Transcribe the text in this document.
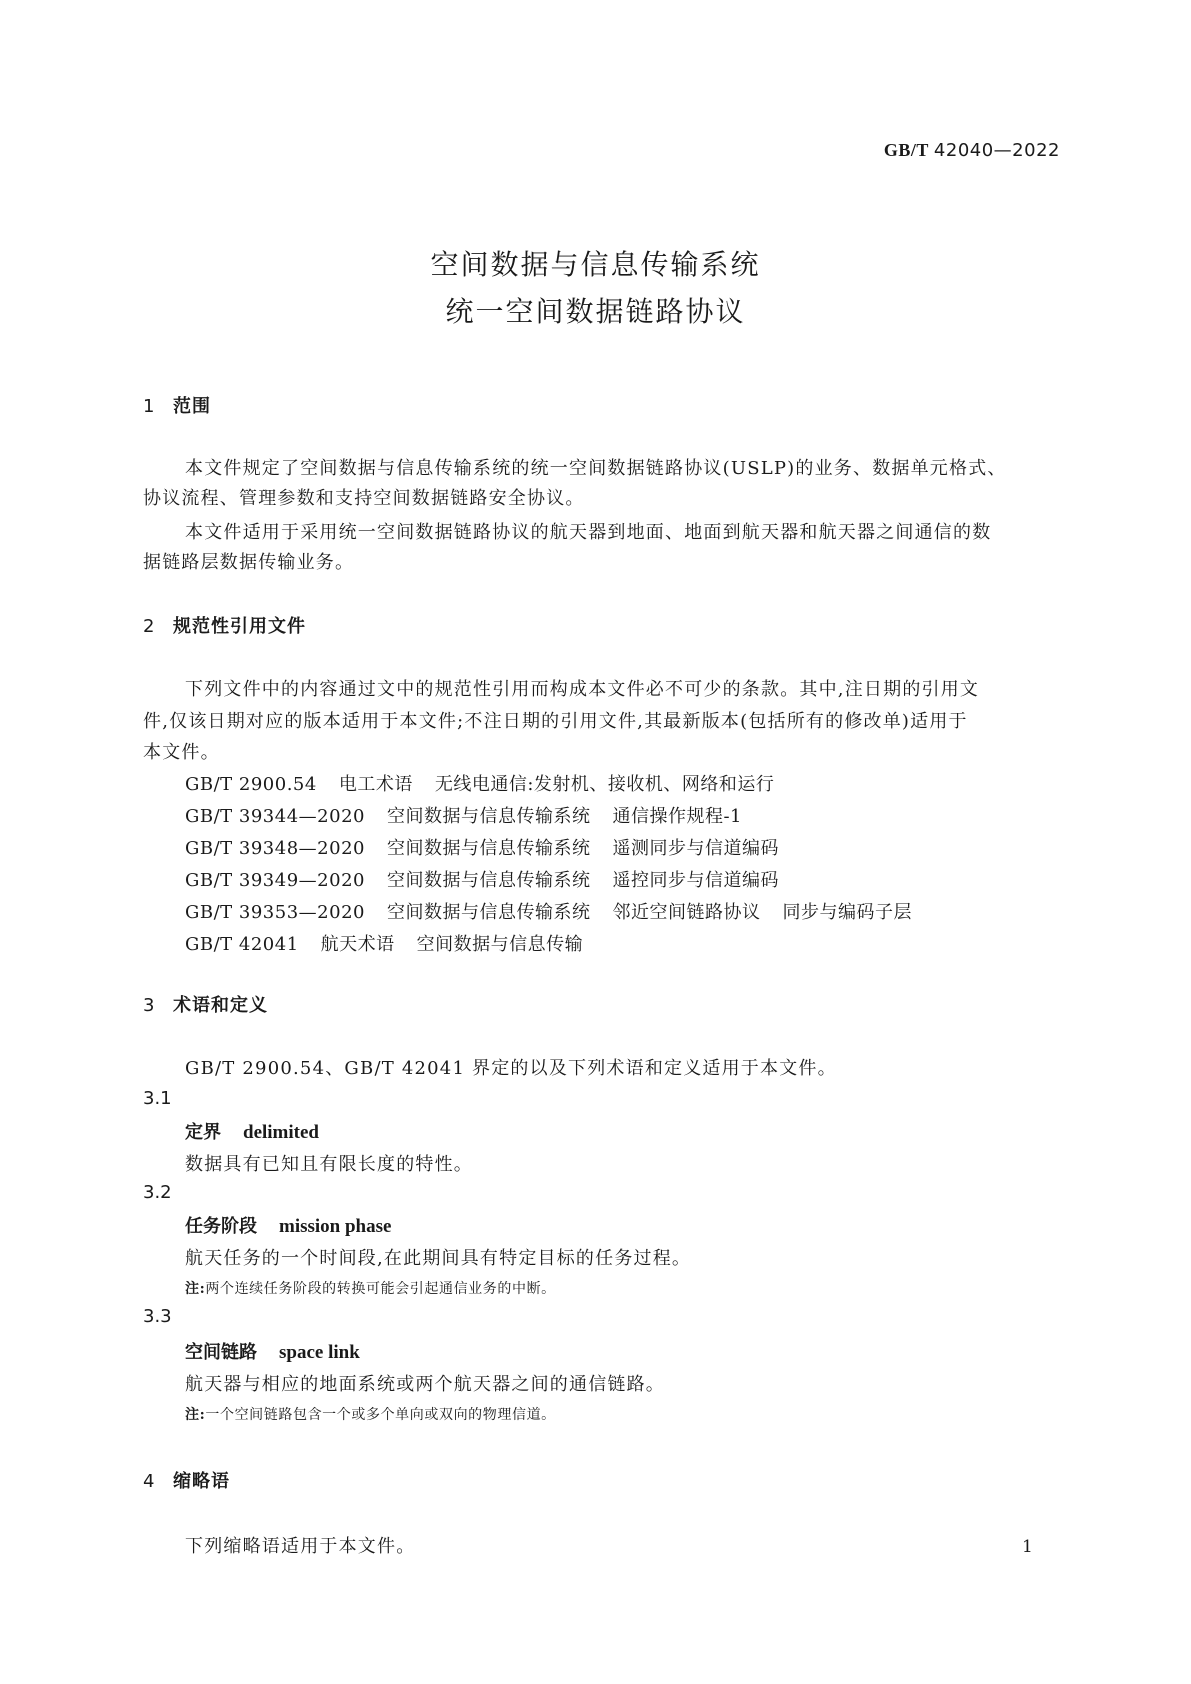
GB/T 42040—2022
空间数据与信息传输系统
统一空间数据链路协议
1 范围
本文件规定了空间数据与信息传输系统的统一空间数据链路协议(USLP)的业务、数据单元格式、
协议流程、管理参数和支持空间数据链路安全协议。
本文件适用于采用统一空间数据链路协议的航天器到地面、地面到航天器和航天器之间通信的数
据链路层数据传输业务。
2 规范性引用文件
下列文件中的内容通过文中的规范性引用而构成本文件必不可少的条款。其中,注日期的引用文
件,仅该日期对应的版本适用于本文件;不注日期的引用文件,其最新版本(包括所有的修改单)适用于
本文件。
GB/T 2900.54 电工术语 无线电通信:发射机、接收机、网络和运行
GB/T 39344—2020 空间数据与信息传输系统 通信操作规程-1
GB/T 39348—2020 空间数据与信息传输系统 遥测同步与信道编码
GB/T 39349—2020 空间数据与信息传输系统 遥控同步与信道编码
GB/T 39353—2020 空间数据与信息传输系统 邻近空间链路协议 同步与编码子层
GB/T 42041 航天术语 空间数据与信息传输
3 术语和定义
GB/T 2900.54、GB/T 42041 界定的以及下列术语和定义适用于本文件。
3.1
定界 delimited
数据具有已知且有限长度的特性。
3.2
任务阶段 mission phase
航天任务的一个时间段,在此期间具有特定目标的任务过程。
注:两个连续任务阶段的转换可能会引起通信业务的中断。
3.3
空间链路 space link
航天器与相应的地面系统或两个航天器之间的通信链路。
注:一个空间链路包含一个或多个单向或双向的物理信道。
4 缩略语
下列缩略语适用于本文件。	1
